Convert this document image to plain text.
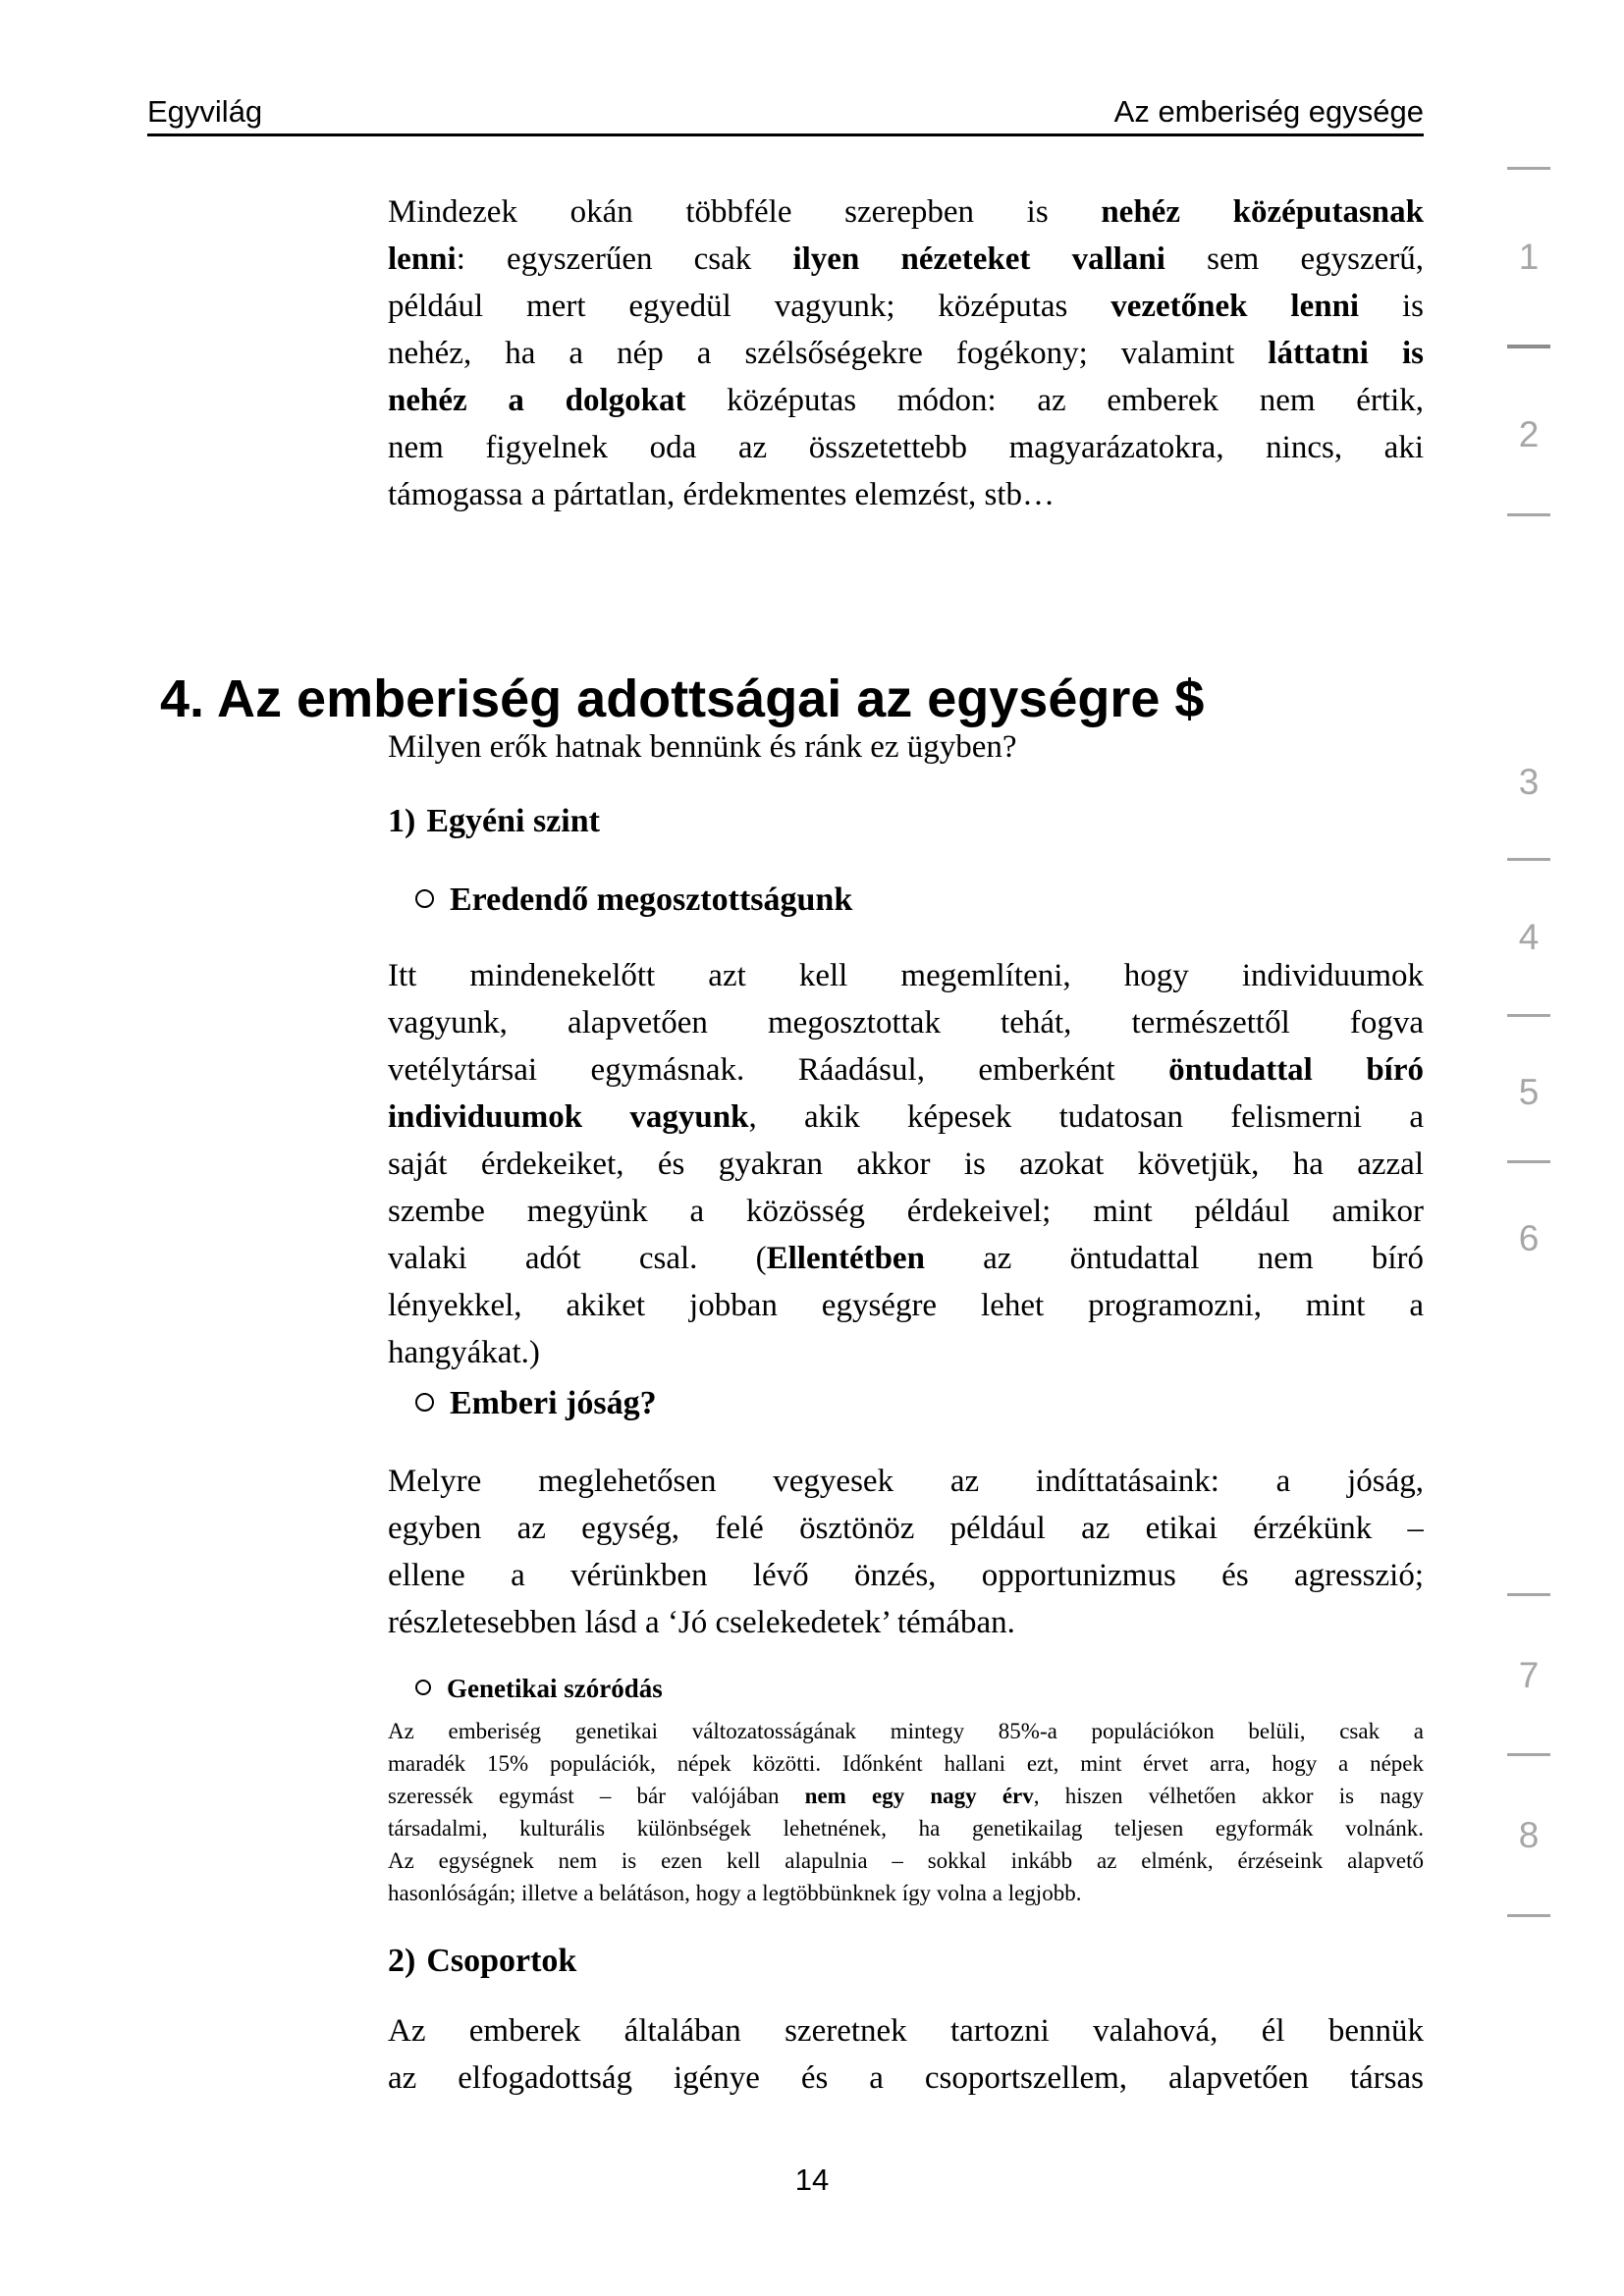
Egyvilág	Az emberiség egysége
Mindezek okán többféle szerepben is nehéz középutasnak
lenni: egyszerűen csak ilyen nézeteket vallani sem egyszerű,
például mert egyedül vagyunk; középutas vezetőnek lenni is
nehéz, ha a nép a szélsőségekre fogékony; valamint láttatni is
nehéz a dolgokat középutas módon: az emberek nem értik,
nem figyelnek oda az összetettebb magyarázatokra, nincs, aki
támogassa a pártatlan, érdekmentes elemzést, stb…
4. Az emberiség adottságai az egységre $
Milyen erők hatnak bennünk és ránk ez ügyben?
1) Egyéni szint
Eredendő megosztottságunk
Itt mindenekelőtt azt kell megemlíteni, hogy individuumok
vagyunk, alapvetően megosztottak tehát, természettől fogva
vetélytársai egymásnak. Ráadásul, emberként öntudattal bíró
individuumok vagyunk, akik képesek tudatosan felismerni a
saját érdekeiket, és gyakran akkor is azokat követjük, ha azzal
szembe megyünk a közösség érdekeivel; mint például amikor
valaki adót csal. (Ellentétben az öntudattal nem bíró
lényekkel, akiket jobban egységre lehet programozni, mint a
hangyákat.)
Emberi jóság?
Melyre meglehetősen vegyesek az indíttatásaink: a jóság,
egyben az egység, felé ösztönöz például az etikai érzékünk –
ellene a vérünkben lévő önzés, opportunizmus és agresszió;
részletesebben lásd a ‘Jó cselekedetek’ témában.
Genetikai szóródás
Az emberiség genetikai változatosságának mintegy 85%-a populációkon belüli, csak a
maradék 15% populációk, népek közötti. Időnként hallani ezt, mint érvet arra, hogy a népek
szeressék egymást – bár valójában nem egy nagy érv, hiszen vélhetően akkor is nagy
társadalmi, kulturális különbségek lehetnének, ha genetikailag teljesen egyformák volnánk.
Az egységnek nem is ezen kell alapulnia – sokkal inkább az elménk, érzéseink alapvető
hasonlóságán; illetve a belátáson, hogy a legtöbbünknek így volna a legjobb.
2) Csoportok
Az emberek általában szeretnek tartozni valahová, él bennük
az elfogadottság igénye és a csoportszellem, alapvetően társas
14
1
2
3
4
5
6
7
8
